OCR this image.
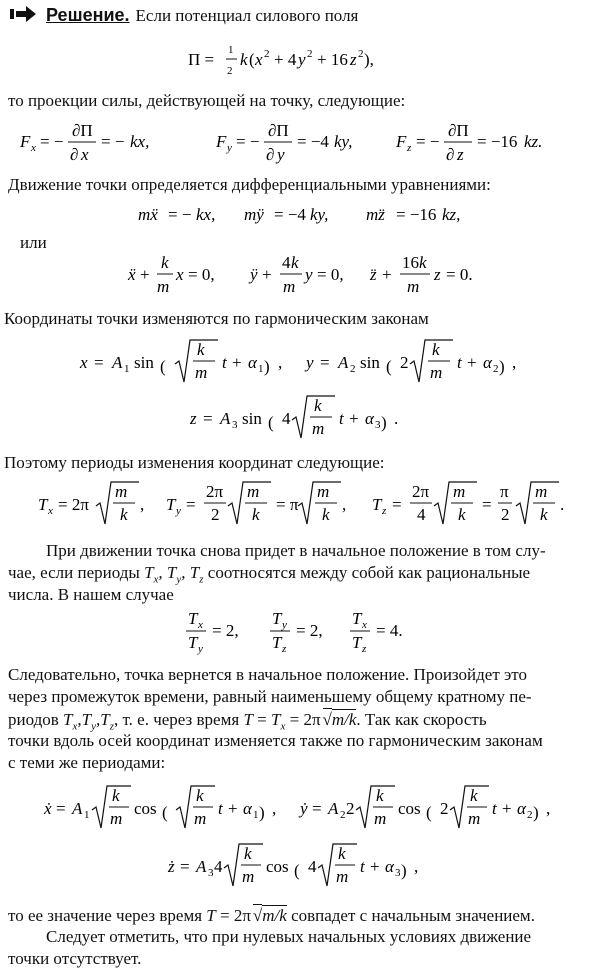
Решение. Если потенциал силового поля
Π = 1
2
k ( x 2 + 4 y 2 + 16 z 2 ),
то проекции силы, действующей на точку, следующие:
F x = −
∂Π
∂ x
= − kx,	F y = −
∂Π
∂ y
= −4 ky,	F z = −
∂Π
∂ z
= −16 kz.
Движение точки определяется дифференциальными уравнениями:
mẍ = − kx, mÿ = −4 ky, mz̈ = −16 kz,
или
ẍ +
k
m
x = 0, ÿ +
4 k
m
y = 0, z̈ +
16 k
m
z = 0.
Координаты точки изменяются по гармоническим законам
x = A 1 sin (
k
m
t + α 1 ) , y = A 2 sin ( 2
k
m
t + α 2 ) ,
z = A 3 sin ( 4
k
m
t + α 3 ) .
Поэтому периоды изменения координат следующие:
T x = 2π
m
k
, T y =
2π
2
m
k
= π
m
k
, T z =
2π
4
m
k
=
π
2
m
k
.
При движении точка снова придет в начальное положение в том слу-
чае, если периоды $T_x$, $T_y$, $T_z$ соотносятся между собой как рациональные
числа. В нашем случае
T x
T y
= 2,
T y
T z
= 2,
T x
T z
= 4.
Следовательно, точка вернется в начальное положение. Произойдет это
через промежуток времени, равный наименьшему общему кратному пе-
риодов $T_x,T_y,T_z$, т. е. через время $T = T_x = 2\pi$ √m/k. Так как скорость
точки вдоль осей координат изменяется также по гармоническим законам
с теми же периодами:
ẋ = A 1
k
m
cos (
k
m
t + α 1 ) , ẏ = A 2 2
k
m
cos ( 2
k
m
t + α 2 ) ,
ż = A 3 4
k
m
cos ( 4
k
m
t + α 3 ) ,
то ее значение через время T = 2π √m/k совпадет с начальным значением.
Следует отметить, что при нулевых начальных условиях движение
точки отсутствует.
